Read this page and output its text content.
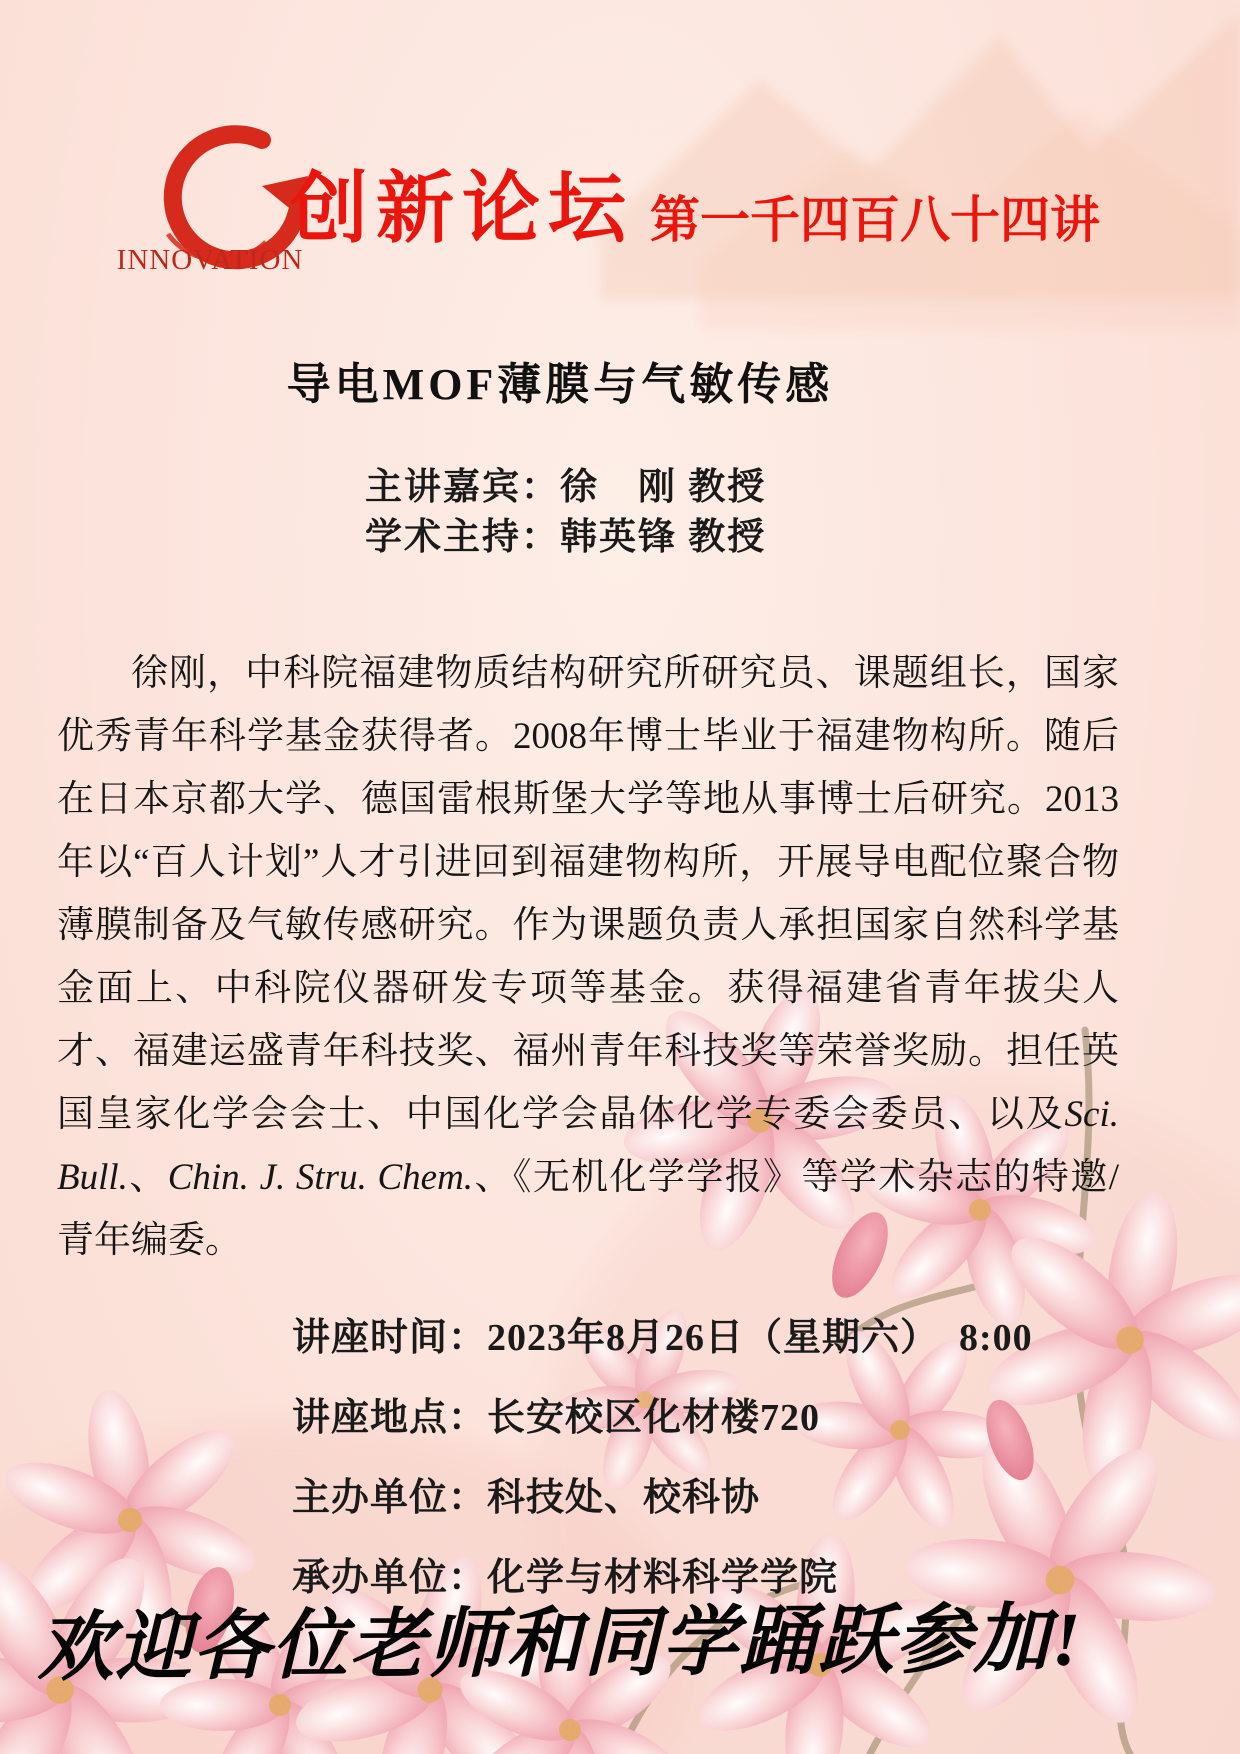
INNOVATION
创新论坛 第一千四百八十四讲
导电MOF薄膜与气敏传感
主讲嘉宾：徐　刚 教授
学术主持：韩英锋 教授
徐刚，中科院福建物质结构研究所研究员、课题组长，国家优秀青年科学基金获得者。2008年博士毕业于福建物构所。随后在日本京都大学、德国雷根斯堡大学等地从事博士后研究。2013年以“百人计划”人才引进回到福建物构所，开展导电配位聚合物薄膜制备及气敏传感研究。作为课题负责人承担国家自然科学基金面上、中科院仪器研发专项等基金。获得福建省青年拔尖人才、福建运盛青年科技奖、福州青年科技奖等荣誉奖励。担任英国皇家化学会会士、中国化学会晶体化学专委会委员、以及Sci. Bull.、Chin. J. Stru. Chem.、《无机化学学报》等学术杂志的特邀/青年编委。
讲座时间：2023年8月26日（星期六）　8:00
讲座地点：长安校区化材楼720
主办单位：科技处、校科协
承办单位：化学与材料科学学院
欢迎各位老师和同学踊跃参加!
